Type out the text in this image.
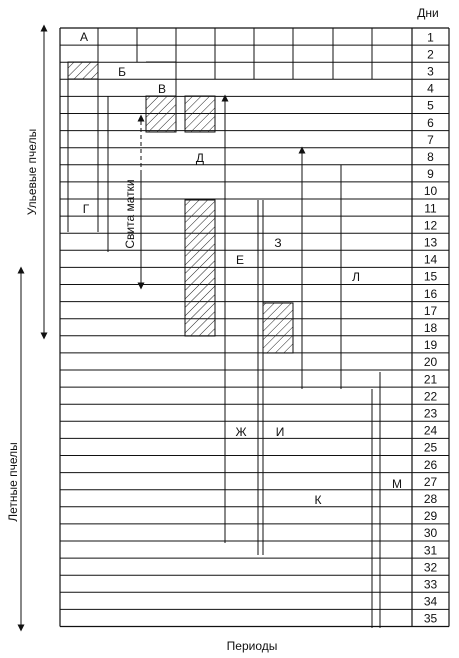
Дни
1
2
3
4
5
6
7
8
9
10
11
12
13
14
15
16
17
18
19
20
21
22
23
24
25
26
27
28
29
30
31
32
33
34
35
А
Б
В
Г
Д
Е
З
Л
Ж И
К
М
Ульевые пчелы
Летные пчелы
Свита матки
Периоды
